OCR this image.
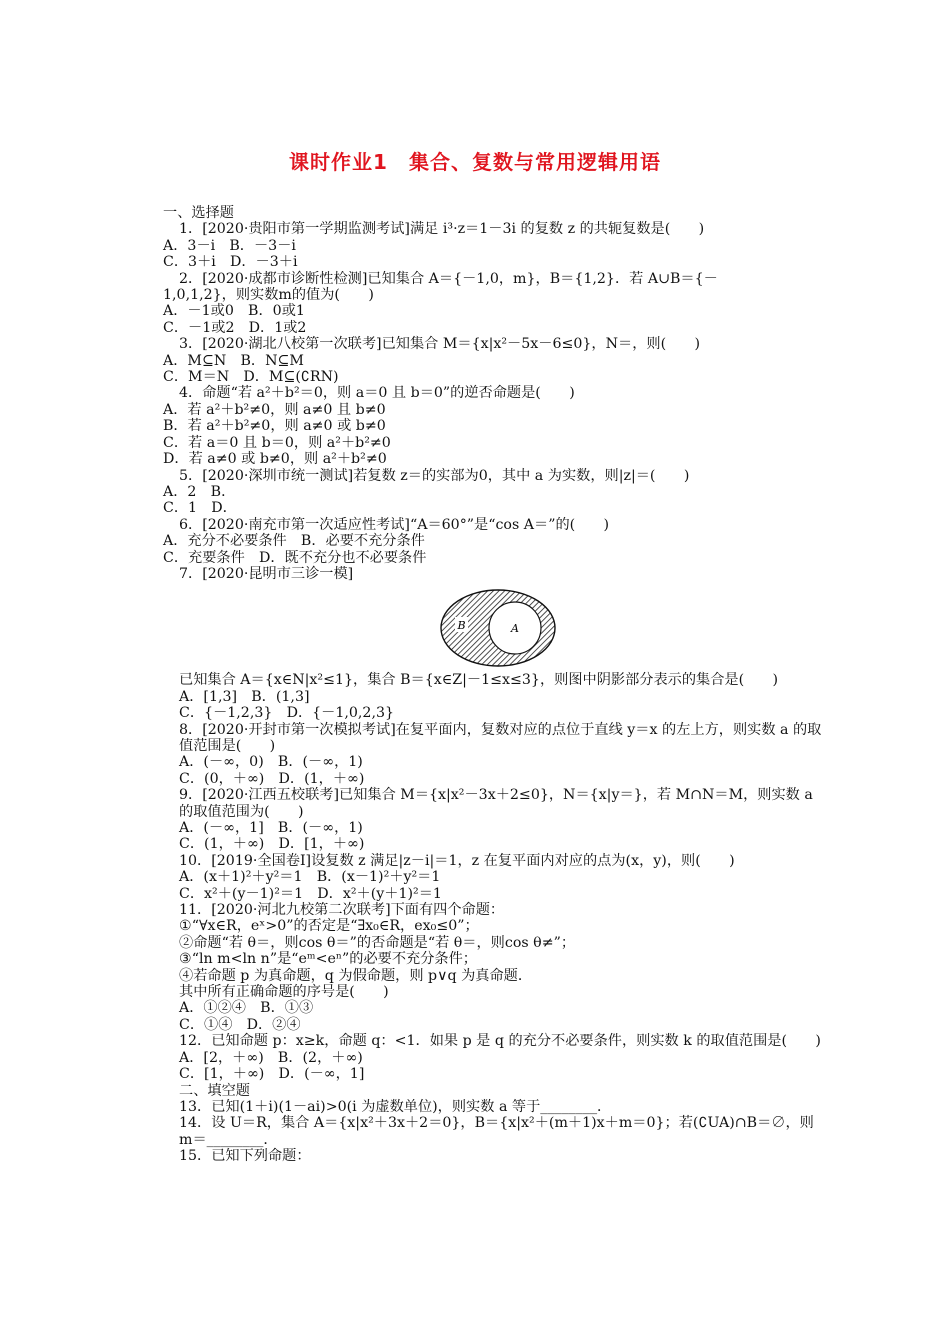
课时作业1　集合、复数与常用逻辑用语
一、选择题
1．[2020·贵阳市第一学期监测考试]满足 i³·z＝1－3i 的复数 z 的共轭复数是(　　)
A．3－i　B．－3－i
C．3＋i　D．－3＋i
2．[2020·成都市诊断性检测]已知集合 A＝{－1,0，m}，B＝{1,2}．若 A∪B＝{－
1,0,1,2}，则实数m的值为(　　)
A．－1或0　B．0或1
C．－1或2　D．1或2
3．[2020·湖北八校第一次联考]已知集合 M＝{x|x²－5x－6≤0}，N＝，则(　　)
A．M⊆N　B．N⊆M
C．M＝N　D．M⊆(∁RN)
4．命题“若 a²＋b²＝0，则 a＝0 且 b＝0”的逆否命题是(　　)
A．若 a²＋b²≠0，则 a≠0 且 b≠0
B．若 a²＋b²≠0，则 a≠0 或 b≠0
C．若 a＝0 且 b＝0，则 a²＋b²≠0
D．若 a≠0 或 b≠0，则 a²＋b²≠0
5．[2020·深圳市统一测试]若复数 z＝的实部为0，其中 a 为实数，则|z|＝(　　)
A．2　B．
C．1　D．
6．[2020·南充市第一次适应性考试]“A＝60°”是“cos A＝”的(　　)
A．充分不必要条件　B．必要不充分条件
C．充要条件　D．既不充分也不必要条件
7．[2020·昆明市三诊一模]
B	A
已知集合 A＝{x∈N|x²≤1}，集合 B＝{x∈Z|－1≤x≤3}，则图中阴影部分表示的集合是(　　)
A．[1,3]　B．(1,3]
C．{－1,2,3}　D．{－1,0,2,3}
8．[2020·开封市第一次模拟考试]在复平面内，复数对应的点位于直线 y＝x 的左上方，则实数 a 的取值范围是(　　)
A．(－∞，0)　B．(－∞，1)
C．(0，＋∞)　D．(1，＋∞)
9．[2020·江西五校联考]已知集合 M＝{x|x²－3x＋2≤0}，N＝{x|y＝}，若 M∩N＝M，则实数 a 的取值范围为(　　)
A．(－∞，1]　B．(－∞，1)
C．(1，＋∞)　D．[1，＋∞)
10．[2019·全国卷Ⅰ]设复数 z 满足|z－i|＝1，z 在复平面内对应的点为(x，y)，则(　　)
A．(x＋1)²＋y²＝1　B．(x－1)²＋y²＝1
C．x²＋(y－1)²＝1　D．x²＋(y＋1)²＝1
11．[2020·河北九校第二次联考]下面有四个命题：
①“∀x∈R，eˣ>0”的否定是“∃x₀∈R，ex₀≤0”；
②命题“若 θ＝，则cos θ＝”的否命题是“若 θ＝，则cos θ≠”；
③“ln m<ln n”是“eᵐ<eⁿ”的必要不充分条件；
④若命题 p 为真命题，q 为假命题，则 p∨q 为真命题．
其中所有正确命题的序号是(　　)
A．①②④　B．①③
C．①④　D．②④
12．已知命题 p：x≥k，命题 q：<1．如果 p 是 q 的充分不必要条件，则实数 k 的取值范围是(　　)
A．[2，＋∞)　B．(2，＋∞)
C．[1，＋∞)　D．(－∞，1]
二、填空题
13．已知(1＋i)(1－ai)>0(i 为虚数单位)，则实数 a 等于________．
14．设 U＝R，集合 A＝{x|x²＋3x＋2＝0}，B＝{x|x²＋(m＋1)x＋m＝0}；若(∁UA)∩B＝∅，则 m＝________．
15．已知下列命题：
